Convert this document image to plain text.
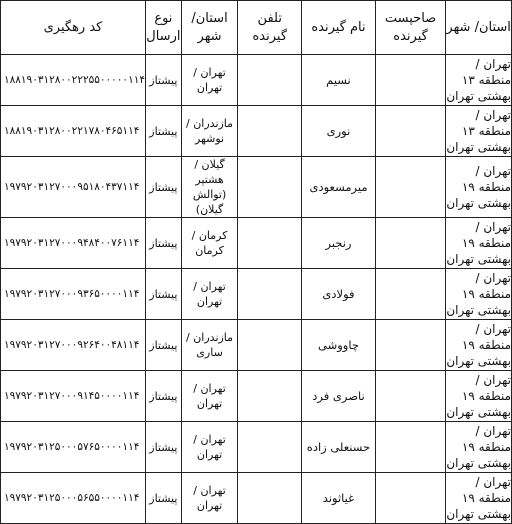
کد رهگیری	نوع ارسال	استان/ شهر	تلفن گیرنده	نام گیرنده	صاحپست گیرنده	استان/ شهر
۱۸۸۱۹۰۳۱۲۸۰۰۲۲۲۵۵۰۰۰۰۰۱۱۴	پیشتاز	تهران / تهران		نسیم		تهران /
منطقه ۱۳
بهشتی تهران

۱۸۸۱۹۰۳۱۲۸۰۰۲۲۱۷۸۰۴۶۵۱۱۴	پیشتاز	مازندران / نوشهر		نوری		تهران /
منطقه ۱۳
بهشتی تهران

۱۹۷۹۲۰۳۱۲۷۰۰۰۹۵۱۸۰۴۳۷۱۱۴	پیشتاز	گیلان / هشتپر (توالش گیلان)		میرمسعودی		تهران /
منطقه ۱۹
بهشتی تهران

۱۹۷۹۲۰۳۱۲۷۰۰۰۹۴۸۴۰۰۷۶۱۱۴	پیشتاز	کرمان / کرمان		رنجبر		تهران /
منطقه ۱۹
بهشتی تهران

۱۹۷۹۲۰۳۱۲۷۰۰۰۹۳۶۵۰۰۰۰۱۱۴	پیشتاز	تهران / تهران		فولادی		تهران /
منطقه ۱۹
بهشتی تهران

۱۹۷۹۲۰۳۱۲۷۰۰۰۹۲۶۴۰۰۴۸۱۱۴	پیشتاز	مازندران / ساری		چاووشی		تهران /
منطقه ۱۹
بهشتی تهران

۱۹۷۹۲۰۳۱۲۷۰۰۰۹۱۴۵۰۰۰۰۱۱۴	پیشتاز	تهران / تهران		ناصری فرد		تهران /
منطقه ۱۹
بهشتی تهران

۱۹۷۹۲۰۳۱۲۵۰۰۰۵۷۶۵۰۰۰۰۱۱۴	پیشتاز	تهران / تهران		حسنعلی زاده		تهران /
منطقه ۱۹
بهشتی تهران

۱۹۷۹۲۰۳۱۲۵۰۰۰۵۶۵۵۰۰۰۰۱۱۴	پیشتاز	تهران / تهران		غیاثوند		تهران /
منطقه ۱۹
بهشتی تهران
